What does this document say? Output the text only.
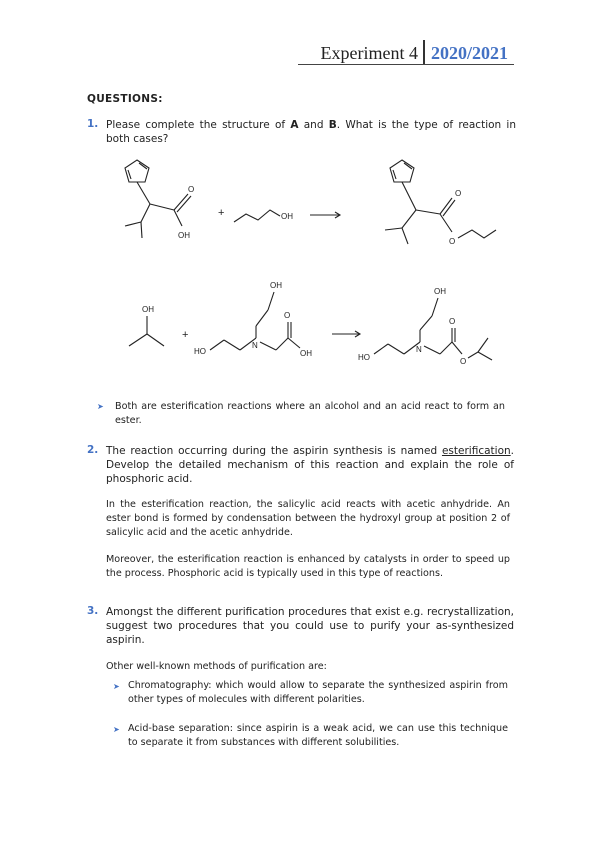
Experiment 4 2020/2021
QUESTIONS:
1. Please complete the structure of A and B. What is the type of reaction in both cases?
O
OH
+	OH
O
O
OH
+
OH
HO
N
O
OH
OH
HO
N
O
O
➤ Both are esterification reactions where an alcohol and an acid react to form an ester.
2. The reaction occurring during the aspirin synthesis is named esterification. Develop the detailed mechanism of this reaction and explain the role of phosphoric acid.
In the esterification reaction, the salicylic acid reacts with acetic anhydride. An ester bond is formed by condensation between the hydroxyl group at position 2 of salicylic acid and the acetic anhydride.
Moreover, the esterification reaction is enhanced by catalysts in order to speed up the process. Phosphoric acid is typically used in this type of reactions.
3. Amongst the different purification procedures that exist e.g. recrystallization, suggest two procedures that you could use to purify your as-synthesized aspirin.
Other well-known methods of purification are:
➤ Chromatography: which would allow to separate the synthesized aspirin from other types of molecules with different polarities.
➤ Acid-base separation: since aspirin is a weak acid, we can use this technique to separate it from substances with different solubilities.
